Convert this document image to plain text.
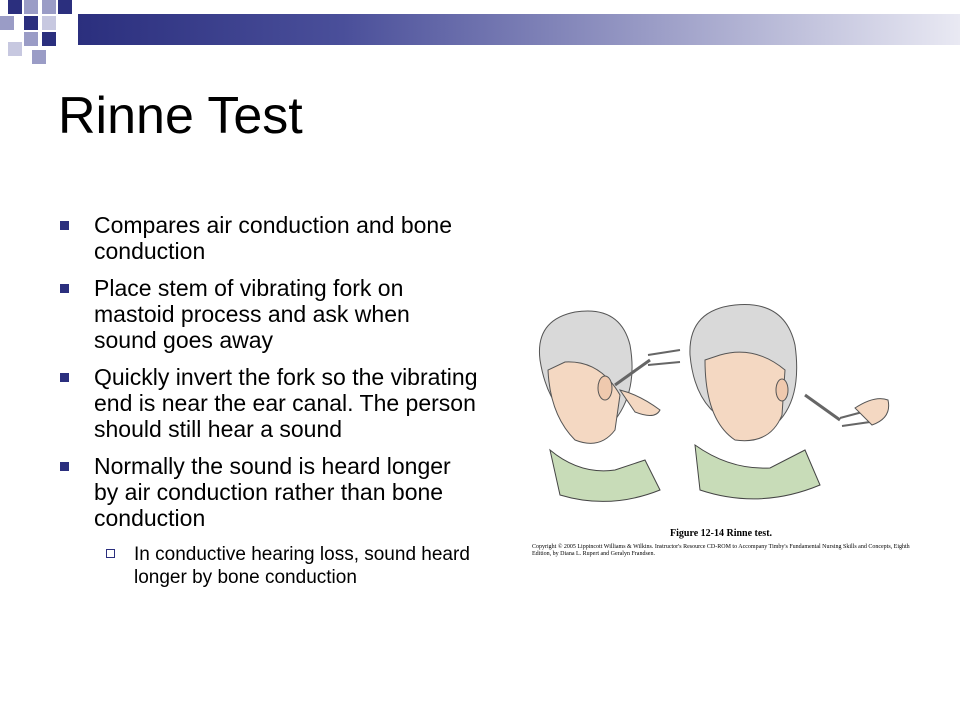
Rinne Test
Compares air conduction and bone conduction
Place stem of vibrating fork on mastoid process and ask when sound goes away
Quickly invert the fork so the vibrating end is near the ear canal. The person should still hear a sound
Normally the sound is heard longer by air conduction rather than bone conduction
In conductive hearing loss, sound heard longer by bone conduction
Figure 12-14 Rinne test.
Copyright © 2005 Lippincott Williams & Wilkins. Instructor's Resource CD-ROM to Accompany Timby's Fundamental Nursing Skills and Concepts, Eighth Edition, by Diana L. Rupert and Geralyn Frandsen.
